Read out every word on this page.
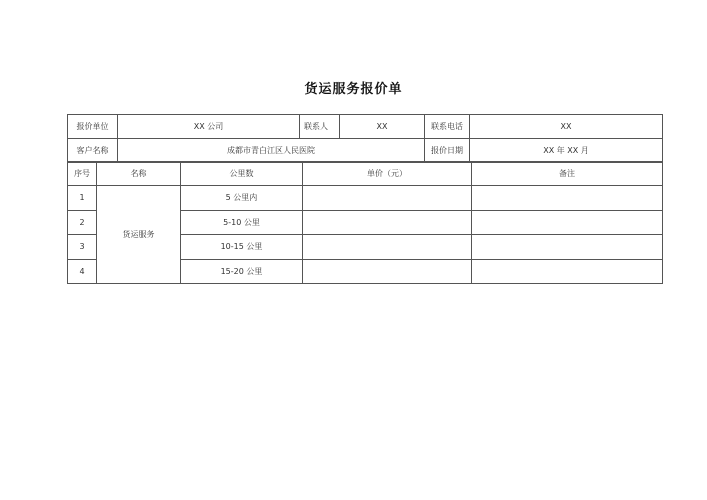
货运服务报价单
报价单位	XX 公司	联系人	XX	联系电话	XX
客户名称	成都市青白江区人民医院			报价日期	XX 年 XX 月
序号	名称	公里数	单价（元）	备注
1	货运服务	5 公里内		
2		5-10 公里		
3		10-15 公里		
4		15-20 公里		
